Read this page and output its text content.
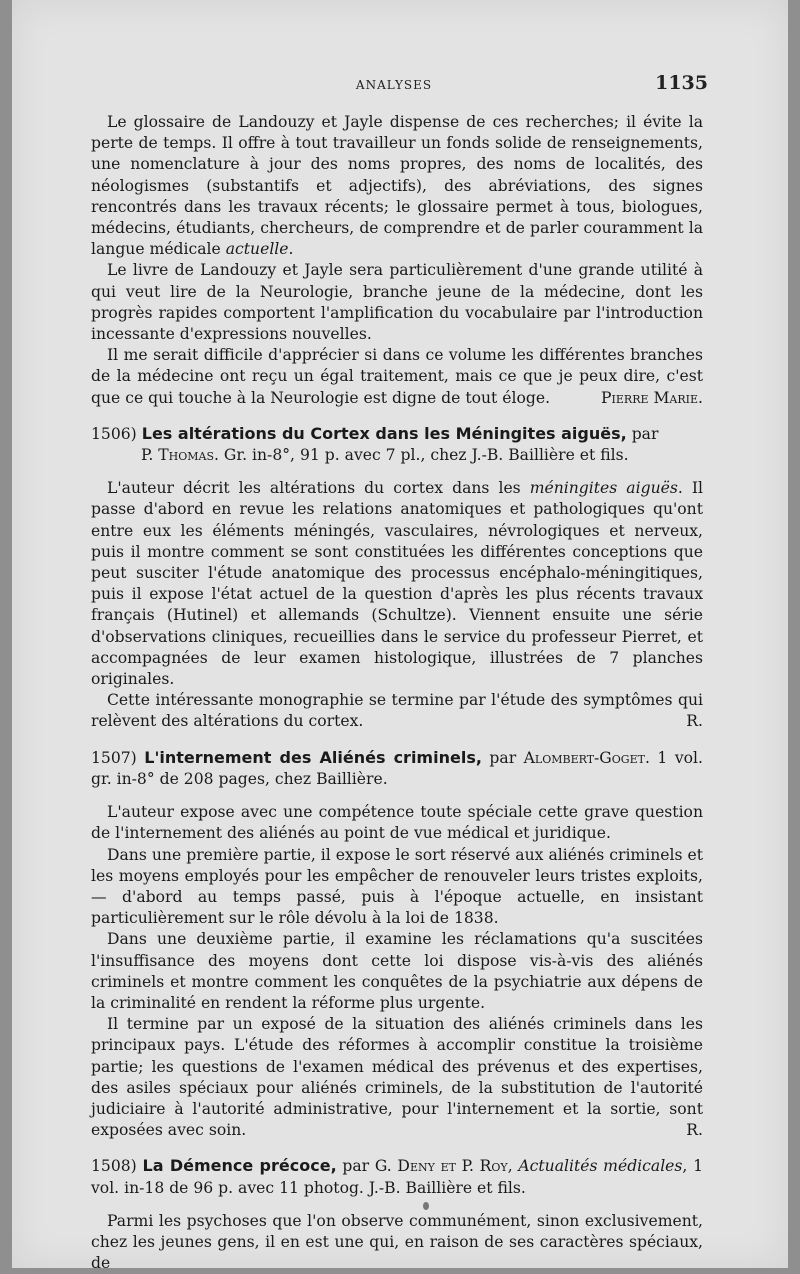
ANALYSES	1135

Le glossaire de Landouzy et Jayle dispense de ces recherches; il évite la perte de temps. Il offre à tout travailleur un fonds solide de renseignements, une nomenclature à jour des noms propres, des noms de localités, des néologismes (substantifs et adjectifs), des abréviations, des signes rencontrés dans les travaux récents; le glossaire permet à tous, biologues, médecins, étudiants, chercheurs, de comprendre et de parler couramment la langue médicale actuelle.

Le livre de Landouzy et Jayle sera particulièrement d'une grande utilité à qui veut lire de la Neurologie, branche jeune de la médecine, dont les progrès rapides comportent l'amplification du vocabulaire par l'introduction incessante d'expressions nouvelles.

Il me serait difficile d'apprécier si dans ce volume les différentes branches de la médecine ont reçu un égal traitement, mais ce que je peux dire, c'est que ce qui touche à la Neurologie est digne de tout éloge.	Pierre Marie.

1506) Les altérations du Cortex dans les Méningites aiguës, par

P. Thomas. Gr. in-8°, 91 p. avec 7 pl., chez J.-B. Baillière et fils.

L'auteur décrit les altérations du cortex dans les méningites aiguës. Il passe d'abord en revue les relations anatomiques et pathologiques qu'ont entre eux les éléments méningés, vasculaires, névrologiques et nerveux, puis il montre comment se sont constituées les différentes conceptions que peut susciter l'étude anatomique des processus encéphalo-méningitiques, puis il expose l'état actuel de la question d'après les plus récents travaux français (Hutinel) et allemands (Schultze). Viennent ensuite une série d'observations cliniques, recueillies dans le service du professeur Pierret, et accompagnées de leur examen histologique, illustrées de 7 planches originales.

Cette intéressante monographie se termine par l'étude des symptômes qui relèvent des altérations du cortex.	R.

1507) L'internement des Aliénés criminels, par Alombert-Goget. 1 vol. gr. in-8° de 208 pages, chez Baillière.

L'auteur expose avec une compétence toute spéciale cette grave question de l'internement des aliénés au point de vue médical et juridique.

Dans une première partie, il expose le sort réservé aux aliénés criminels et les moyens employés pour les empêcher de renouveler leurs tristes exploits, — d'abord au temps passé, puis à l'époque actuelle, en insistant particulièrement sur le rôle dévolu à la loi de 1838.

Dans une deuxième partie, il examine les réclamations qu'a suscitées l'insuffisance des moyens dont cette loi dispose vis-à-vis des aliénés criminels et montre comment les conquêtes de la psychiatrie aux dépens de la criminalité en rendent la réforme plus urgente.

Il termine par un exposé de la situation des aliénés criminels dans les principaux pays. L'étude des réformes à accomplir constitue la troisième partie; les questions de l'examen médical des prévenus et des expertises, des asiles spéciaux pour aliénés criminels, de la substitution de l'autorité judiciaire à l'autorité administrative, pour l'internement et la sortie, sont exposées avec soin.	R.

1508) La Démence précoce, par G. Deny et P. Roy, Actualités médicales, 1 vol. in-18 de 96 p. avec 11 photog. J.-B. Baillière et fils.

Parmi les psychoses que l'on observe communément, sinon exclusivement, chez les jeunes gens, il en est une qui, en raison de ses caractères spéciaux, de
